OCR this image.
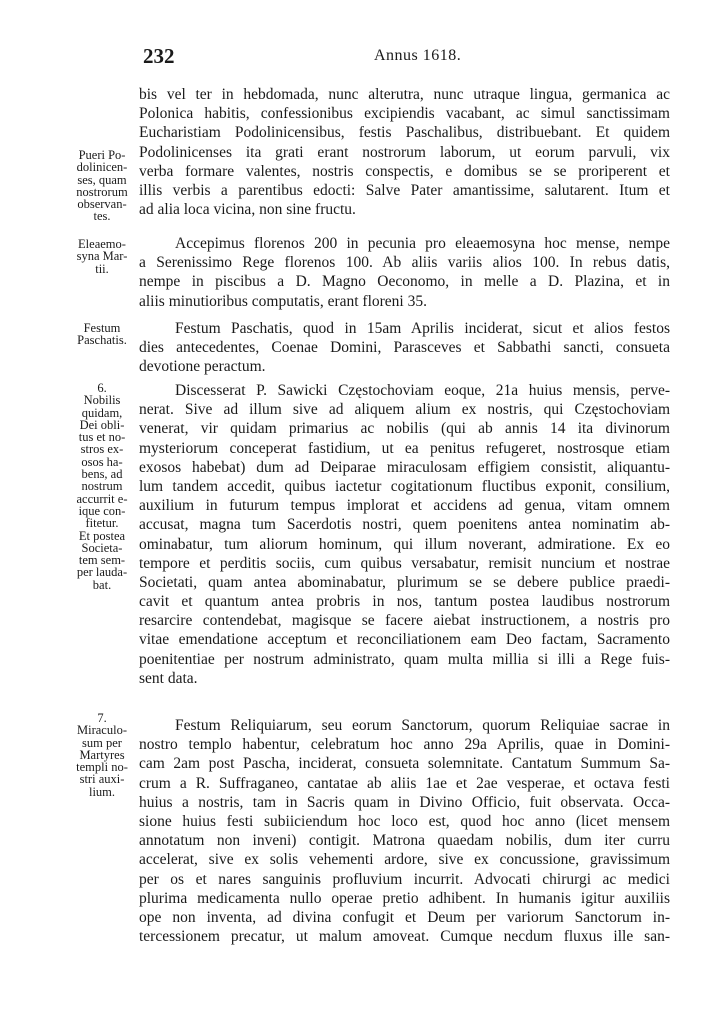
232	Annus 1618.
Pueri Po-
dolinicen-
ses, quam
nostrorum
observan-
tes.
bis vel ter in hebdomada, nunc alterutra, nunc utraque lingua, germanica ac
Polonica habitis, confessionibus excipiendis vacabant, ac simul sanctissimam
Eucharistiam Podolinicensibus, festis Paschalibus, distribuebant. Et quidem
Podolinicenses ita grati erant nostrorum laborum, ut eorum parvuli, vix
verba formare valentes, nostris conspectis, e domibus se se proriperent et
illis verbis a parentibus edocti: Salve Pater amantissime, salutarent. Itum et
ad alia loca vicina, non sine fructu.
Eleaemo-
syna Mar-
tii.
Accepimus florenos 200 in pecunia pro eleaemosyna hoc mense, nempe
a Serenissimo Rege florenos 100. Ab aliis variis alios 100. In rebus datis,
nempe in piscibus a D. Magno Oeconomo, in melle a D. Plazina, et in
aliis minutioribus computatis, erant floreni 35.
Festum
Paschatis.
Festum Paschatis, quod in 15am Aprilis inciderat, sicut et alios festos
dies antecedentes, Coenae Domini, Parasceves et Sabbathi sancti, consueta
devotione peractum.
6.
Nobilis
quidam,
Dei obli-
tus et no-
stros ex-
osos ha-
bens, ad
nostrum
accurrit e-
ique con-
fitetur.
Et postea
Societa-
tem sem-
per lauda-
bat.
Discesserat P. Sawicki Częstochoviam eoque, 21a huius mensis, perve-
nerat. Sive ad illum sive ad aliquem alium ex nostris, qui Częstochoviam
venerat, vir quidam primarius ac nobilis (qui ab annis 14 ita divinorum
mysteriorum conceperat fastidium, ut ea penitus refugeret, nostrosque etiam
exosos habebat) dum ad Deiparae miraculosam effigiem consistit, aliquantu-
lum tandem accedit, quibus iactetur cogitationum fluctibus exponit, consilium,
auxilium in futurum tempus implorat et accidens ad genua, vitam omnem
accusat, magna tum Sacerdotis nostri, quem poenitens antea nominatim ab-
ominabatur, tum aliorum hominum, qui illum noverant, admiratione. Ex eo
tempore et perditis sociis, cum quibus versabatur, remisit nuncium et nostrae
Societati, quam antea abominabatur, plurimum se se debere publice praedi-
cavit et quantum antea probris in nos, tantum postea laudibus nostrorum
resarcire contendebat, magisque se facere aiebat instructionem, a nostris pro
vitae emendatione acceptum et reconciliationem eam Deo factam, Sacramento
poenitentiae per nostrum administrato, quam multa millia si illi a Rege fuis-
sent data.
7.
Miraculo-
sum per
Martyres
templi no-
stri auxi-
lium.
Festum Reliquiarum, seu eorum Sanctorum, quorum Reliquiae sacrae in
nostro templo habentur, celebratum hoc anno 29a Aprilis, quae in Domini-
cam 2am post Pascha, inciderat, consueta solemnitate. Cantatum Summum Sa-
crum a R. Suffraganeo, cantatae ab aliis 1ae et 2ae vesperae, et octava festi
huius a nostris, tam in Sacris quam in Divino Officio, fuit observata. Occa-
sione huius festi subiiciendum hoc loco est, quod hoc anno (licet mensem
annotatum non inveni) contigit. Matrona quaedam nobilis, dum iter curru
accelerat, sive ex solis vehementi ardore, sive ex concussione, gravissimum
per os et nares sanguinis profluvium incurrit. Advocati chirurgi ac medici
plurima medicamenta nullo operae pretio adhibent. In humanis igitur auxiliis
ope non inventa, ad divina confugit et Deum per variorum Sanctorum in-
tercessionem precatur, ut malum amoveat. Cumque necdum fluxus ille san-
